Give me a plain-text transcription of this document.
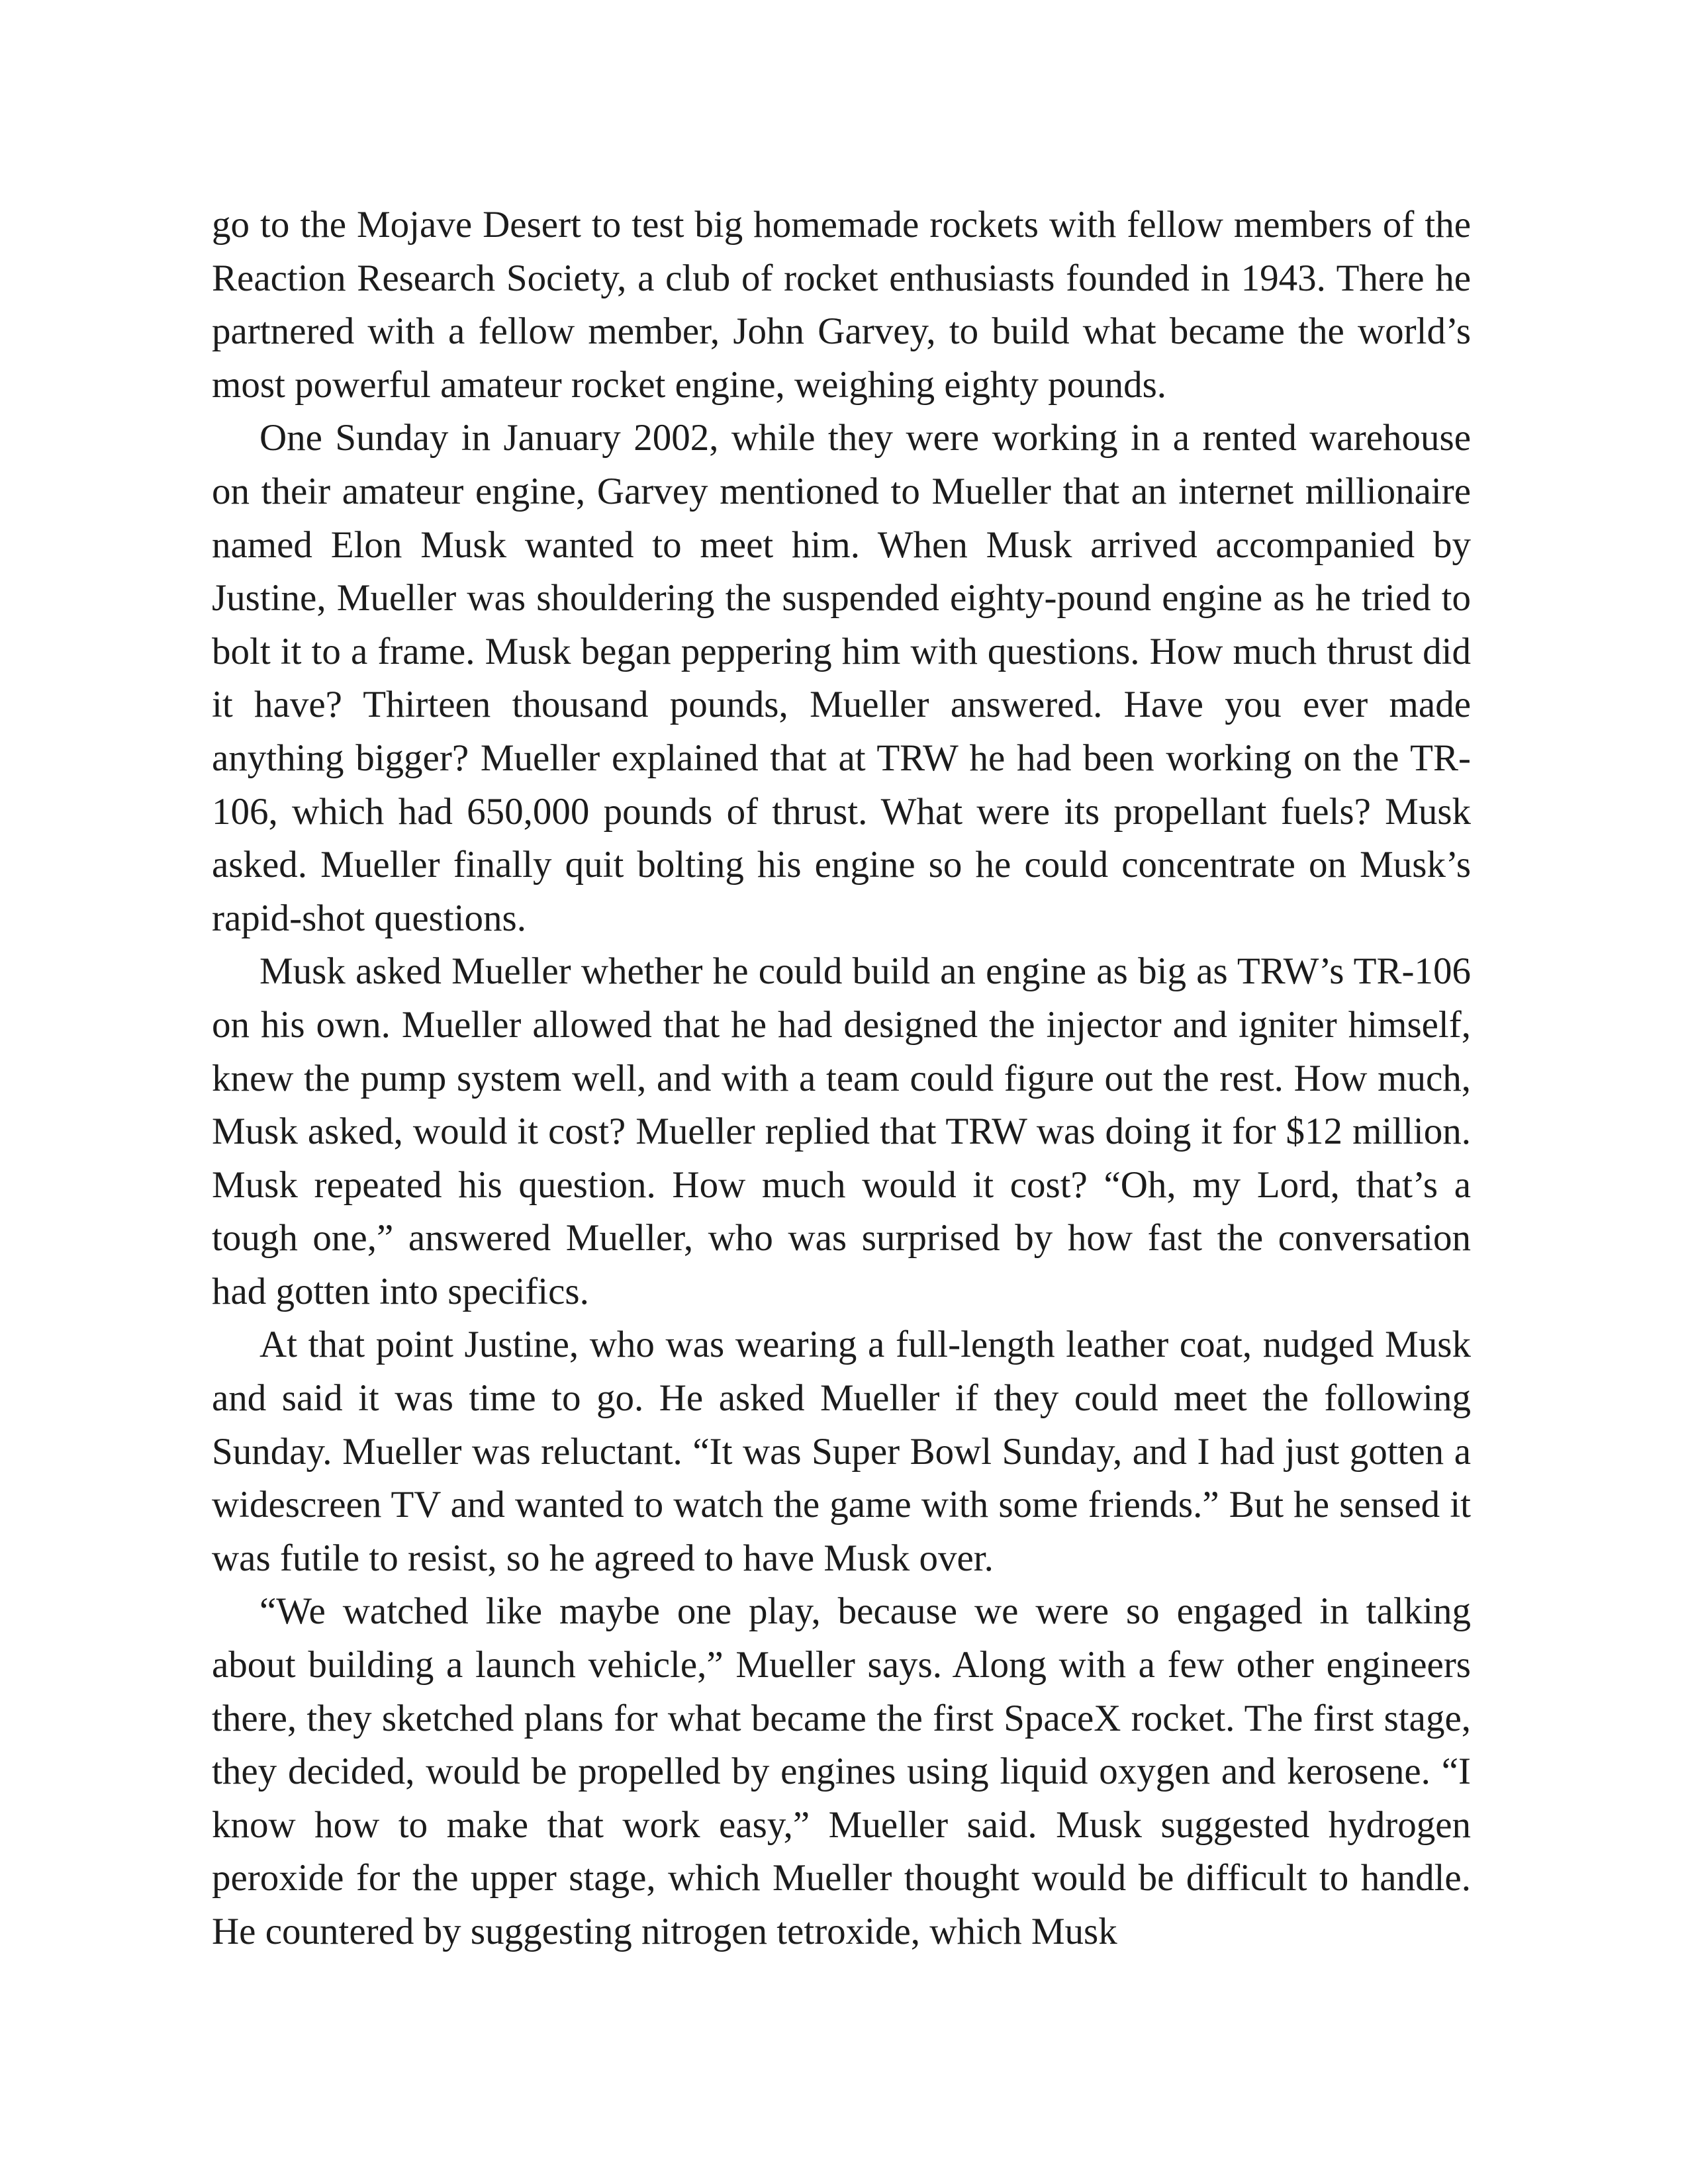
go to the Mojave Desert to test big homemade rockets with fellow members of the Reaction Research Society, a club of rocket enthusiasts founded in 1943. There he partnered with a fellow member, John Garvey, to build what became the world’s most powerful amateur rocket engine, weighing eighty pounds.

One Sunday in January 2002, while they were working in a rented warehouse on their amateur engine, Garvey mentioned to Mueller that an internet millionaire named Elon Musk wanted to meet him. When Musk arrived accompanied by Justine, Mueller was shouldering the suspended eighty-pound engine as he tried to bolt it to a frame. Musk began peppering him with questions. How much thrust did it have? Thirteen thousand pounds, Mueller answered. Have you ever made anything bigger? Mueller explained that at TRW he had been working on the TR-106, which had 650,000 pounds of thrust. What were its propellant fuels? Musk asked. Mueller finally quit bolting his engine so he could concentrate on Musk’s rapid-shot questions.

Musk asked Mueller whether he could build an engine as big as TRW’s TR-106 on his own. Mueller allowed that he had designed the injector and igniter himself, knew the pump system well, and with a team could figure out the rest. How much, Musk asked, would it cost? Mueller replied that TRW was doing it for $12 million. Musk repeated his question. How much would it cost? “Oh, my Lord, that’s a tough one,” answered Mueller, who was surprised by how fast the conversation had gotten into specifics.

At that point Justine, who was wearing a full-length leather coat, nudged Musk and said it was time to go. He asked Mueller if they could meet the following Sunday. Mueller was reluctant. “It was Super Bowl Sunday, and I had just gotten a widescreen TV and wanted to watch the game with some friends.” But he sensed it was futile to resist, so he agreed to have Musk over.

“We watched like maybe one play, because we were so engaged in talking about building a launch vehicle,” Mueller says. Along with a few other engineers there, they sketched plans for what became the first SpaceX rocket. The first stage, they decided, would be propelled by engines using liquid oxygen and kerosene. “I know how to make that work easy,” Mueller said. Musk suggested hydrogen peroxide for the upper stage, which Mueller thought would be difficult to handle. He countered by suggesting nitrogen tetroxide, which Musk
